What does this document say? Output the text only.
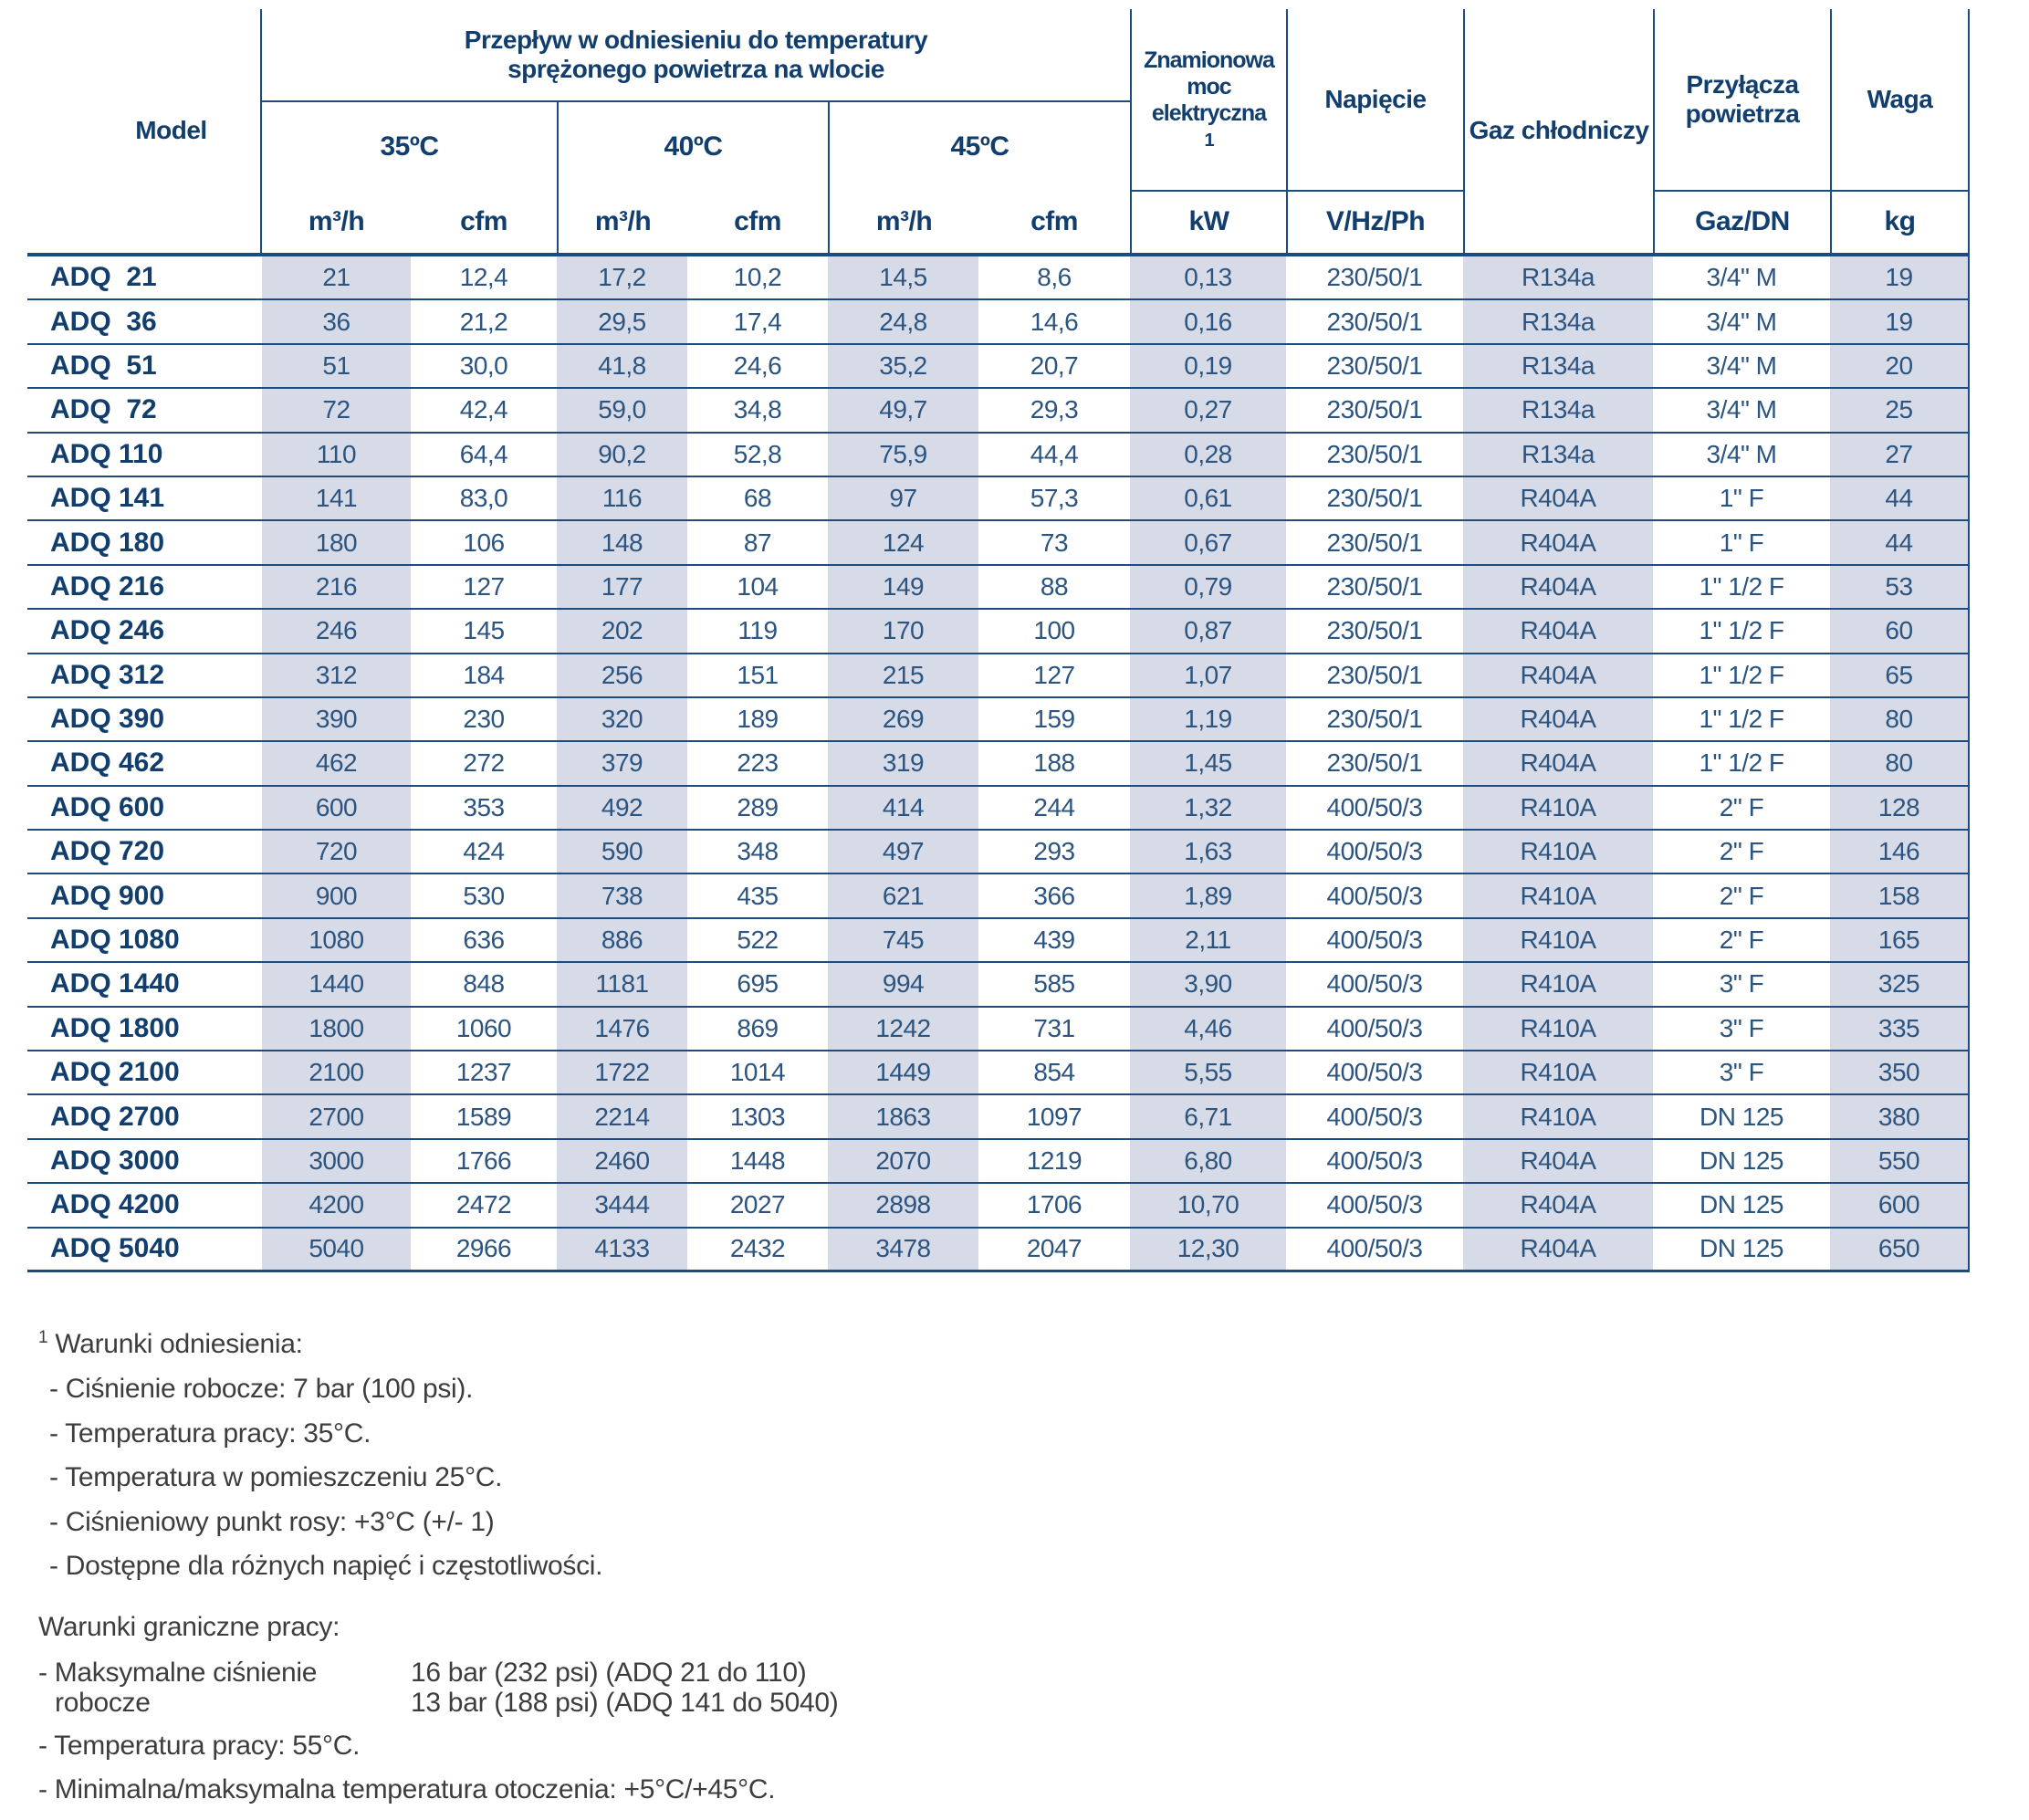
Model
Przepływ w odniesieniu do temperatury
sprężonego powietrza na wlocie
35ºC	40ºC	45ºC
Znamionowa
moc elektryczna
1
Napięcie
Gaz chłodniczy
Przyłącza
powietrza
Waga
m³/h	cfm	m³/h	cfm	m³/h	cfm	kW	V/Hz/Ph	Gaz/DN	kg
ADQ  21	21	12,4	17,2	10,2	14,5	8,6	0,13	230/50/1	R134a	3/4" M	19
ADQ  36	36	21,2	29,5	17,4	24,8	14,6	0,16	230/50/1	R134a	3/4" M	19
ADQ  51	51	30,0	41,8	24,6	35,2	20,7	0,19	230/50/1	R134a	3/4" M	20
ADQ  72	72	42,4	59,0	34,8	49,7	29,3	0,27	230/50/1	R134a	3/4" M	25
ADQ 110	110	64,4	90,2	52,8	75,9	44,4	0,28	230/50/1	R134a	3/4" M	27
ADQ 141	141	83,0	116	68	97	57,3	0,61	230/50/1	R404A	1" F	44
ADQ 180	180	106	148	87	124	73	0,67	230/50/1	R404A	1" F	44
ADQ 216	216	127	177	104	149	88	0,79	230/50/1	R404A	1" 1/2 F	53
ADQ 246	246	145	202	119	170	100	0,87	230/50/1	R404A	1" 1/2 F	60
ADQ 312	312	184	256	151	215	127	1,07	230/50/1	R404A	1" 1/2 F	65
ADQ 390	390	230	320	189	269	159	1,19	230/50/1	R404A	1" 1/2 F	80
ADQ 462	462	272	379	223	319	188	1,45	230/50/1	R404A	1" 1/2 F	80
ADQ 600	600	353	492	289	414	244	1,32	400/50/3	R410A	2" F	128
ADQ 720	720	424	590	348	497	293	1,63	400/50/3	R410A	2" F	146
ADQ 900	900	530	738	435	621	366	1,89	400/50/3	R410A	2" F	158
ADQ 1080	1080	636	886	522	745	439	2,11	400/50/3	R410A	2" F	165
ADQ 1440	1440	848	1181	695	994	585	3,90	400/50/3	R410A	3" F	325
ADQ 1800	1800	1060	1476	869	1242	731	4,46	400/50/3	R410A	3" F	335
ADQ 2100	2100	1237	1722	1014	1449	854	5,55	400/50/3	R410A	3" F	350
ADQ 2700	2700	1589	2214	1303	1863	1097	6,71	400/50/3	R410A	DN 125	380
ADQ 3000	3000	1766	2460	1448	2070	1219	6,80	400/50/3	R404A	DN 125	550
ADQ 4200	4200	2472	3444	2027	2898	1706	10,70	400/50/3	R404A	DN 125	600
ADQ 5040	5040	2966	4133	2432	3478	2047	12,30	400/50/3	R404A	DN 125	650
$^1$ Warunki odniesienia:
- Ciśnienie robocze: 7 bar (100 psi).
- Temperatura pracy: 35°C.
- Temperatura w pomieszczeniu 25°C.
- Ciśnieniowy punkt rosy: +3°C (+/- 1)
- Dostępne dla różnych napięć i częstotliwości.
Warunki graniczne pracy:
- Maksymalne ciśnienie
robocze
16 bar (232 psi) (ADQ 21 do 110)
13 bar (188 psi) (ADQ 141 do 5040)
- Temperatura pracy: 55°C.
- Minimalna/maksymalna temperatura otoczenia: +5°C/+45°C.
